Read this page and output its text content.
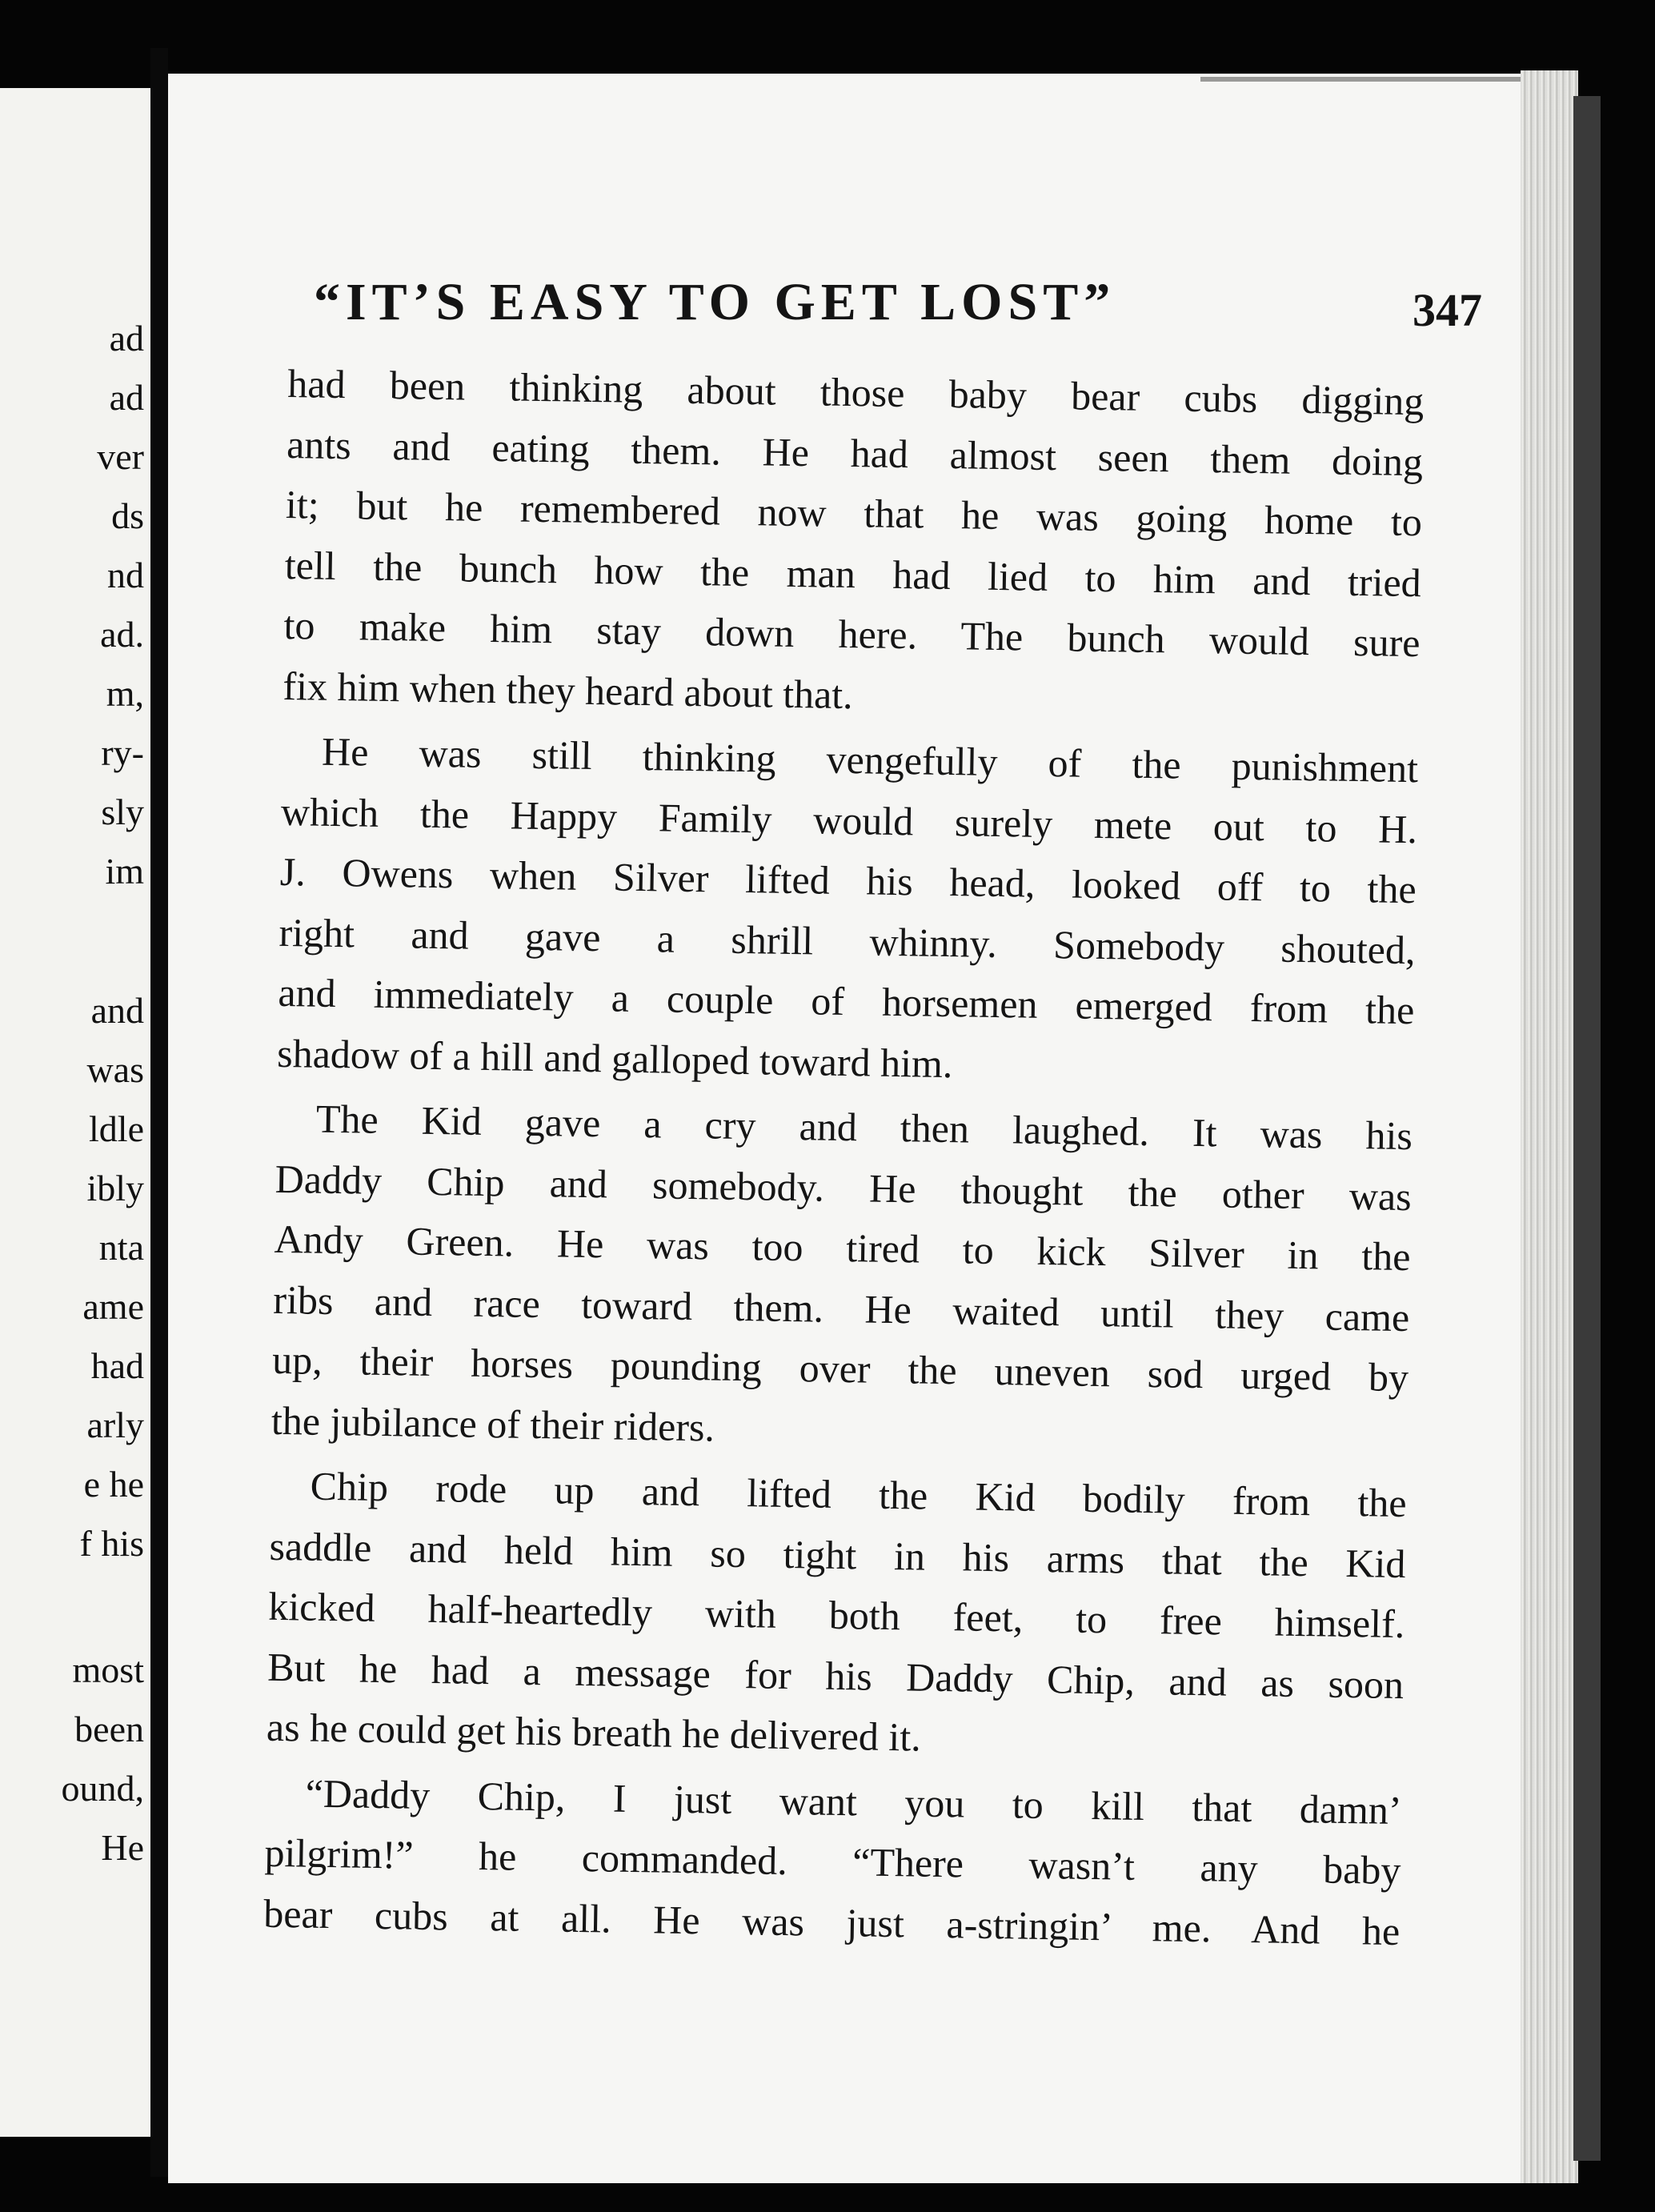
ad
ad
ver
ds
nd
ad.
m,
ry-
sly
im
and
was
ldle
ibly
nta
ame
had
arly
e he
f his
most
been
ound,
He
“IT’S EASY TO GET LOST”	347
had been thinking about those baby bear cubs digging
ants and eating them. He had almost seen them doing
it; but he remembered now that he was going home to
tell the bunch how the man had lied to him and tried
to make him stay down here. The bunch would sure
fix him when they heard about that.
He was still thinking vengefully of the punishment
which the Happy Family would surely mete out to H.
J. Owens when Silver lifted his head, looked off to the
right and gave a shrill whinny. Somebody shouted,
and immediately a couple of horsemen emerged from the
shadow of a hill and galloped toward him.
The Kid gave a cry and then laughed. It was his
Daddy Chip and somebody. He thought the other was
Andy Green. He was too tired to kick Silver in the
ribs and race toward them. He waited until they came
up, their horses pounding over the uneven sod urged by
the jubilance of their riders.
Chip rode up and lifted the Kid bodily from the
saddle and held him so tight in his arms that the Kid
kicked half-heartedly with both feet, to free himself.
But he had a message for his Daddy Chip, and as soon
as he could get his breath he delivered it.
“Daddy Chip, I just want you to kill that damn’
pilgrim!” he commanded. “There wasn’t any baby
bear cubs at all. He was just a-stringin’ me. And he
